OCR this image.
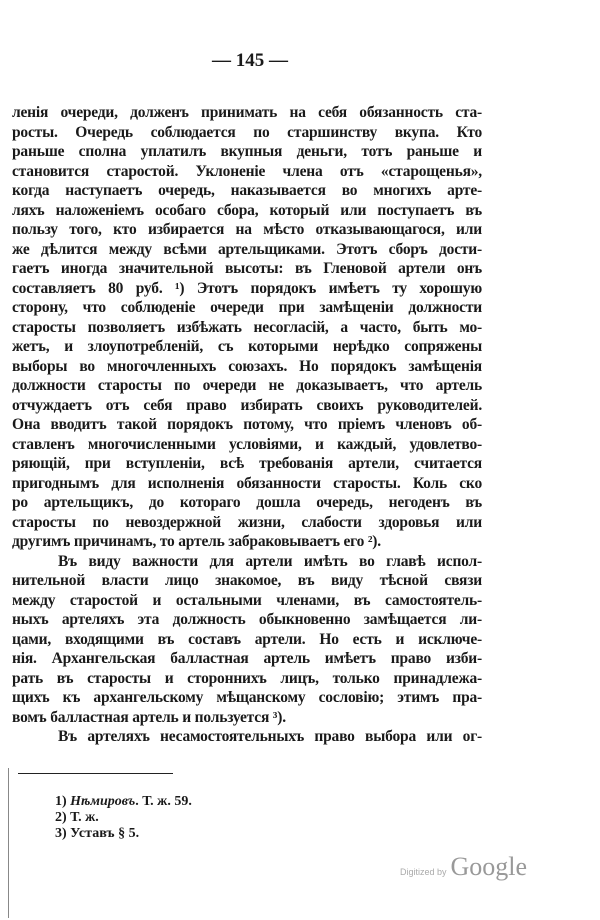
— 145 —
ленія очереди, долженъ принимать на себя обязанность ста-
росты. Очередь соблюдается по старшинству вкупа. Кто
раньше сполна уплатилъ вкупныя деньги, тотъ раньше и
становится старостой. Уклоненіе члена отъ «старощенья»,
когда наступаетъ очередь, наказывается во многихъ арте-
ляхъ наложеніемъ особаго сбора, который или поступаетъ въ
пользу того, кто избирается на мѣсто отказывающагося, или
же дѣлится между всѣми артельщиками. Этотъ сборъ дости-
гаетъ иногда значительной высоты: въ Гленовой артели онъ
составляетъ 80 руб. ¹) Этотъ порядокъ имѣетъ ту хорошую
сторону, что соблюденіе очереди при замѣщеніи должности
старосты позволяетъ избѣжать несогласій, а часто, быть мо-
жетъ, и злоупотребленій, съ которыми нерѣдко сопряжены
выборы во многочленныхъ союзахъ. Но порядокъ замѣщенія
должности старосты по очереди не доказываетъ, что артель
отчуждаетъ отъ себя право избирать своихъ руководителей.
Она вводитъ такой порядокъ потому, что пріемъ членовъ об-
ставленъ многочисленными условіями, и каждый, удовлетво-
ряющій, при вступленіи, всѣ требованія артели, считается
пригоднымъ для исполненія обязанности старосты. Коль ско
ро артельщикъ, до котораго дошла очередь, негоденъ въ
старосты по невоздержной жизни, слабости здоровья или
другимъ причинамъ, то артель забраковываетъ его ²).
Въ виду важности для артели имѣть во главѣ испол-
нительной власти лицо знакомое, въ виду тѣсной связи
между старостой и остальными членами, въ самостоятель-
ныхъ артеляхъ эта должность обыкновенно замѣщается ли-
цами, входящими въ составъ артели. Но есть и исключе-
нія. Архангельская балластная артель имѣетъ право изби-
рать въ старосты и стороннихъ лицъ, только принадлежа-
щихъ къ архангельскому мѣщанскому сословію; этимъ пра-
вомъ балластная артель и пользуется ³).
Въ артеляхъ несамостоятельныхъ право выбора или ог-
1) Нѣмировъ. Т. ж. 59.
2) Т. ж.
3) Уставъ § 5.
Digitized by Google
